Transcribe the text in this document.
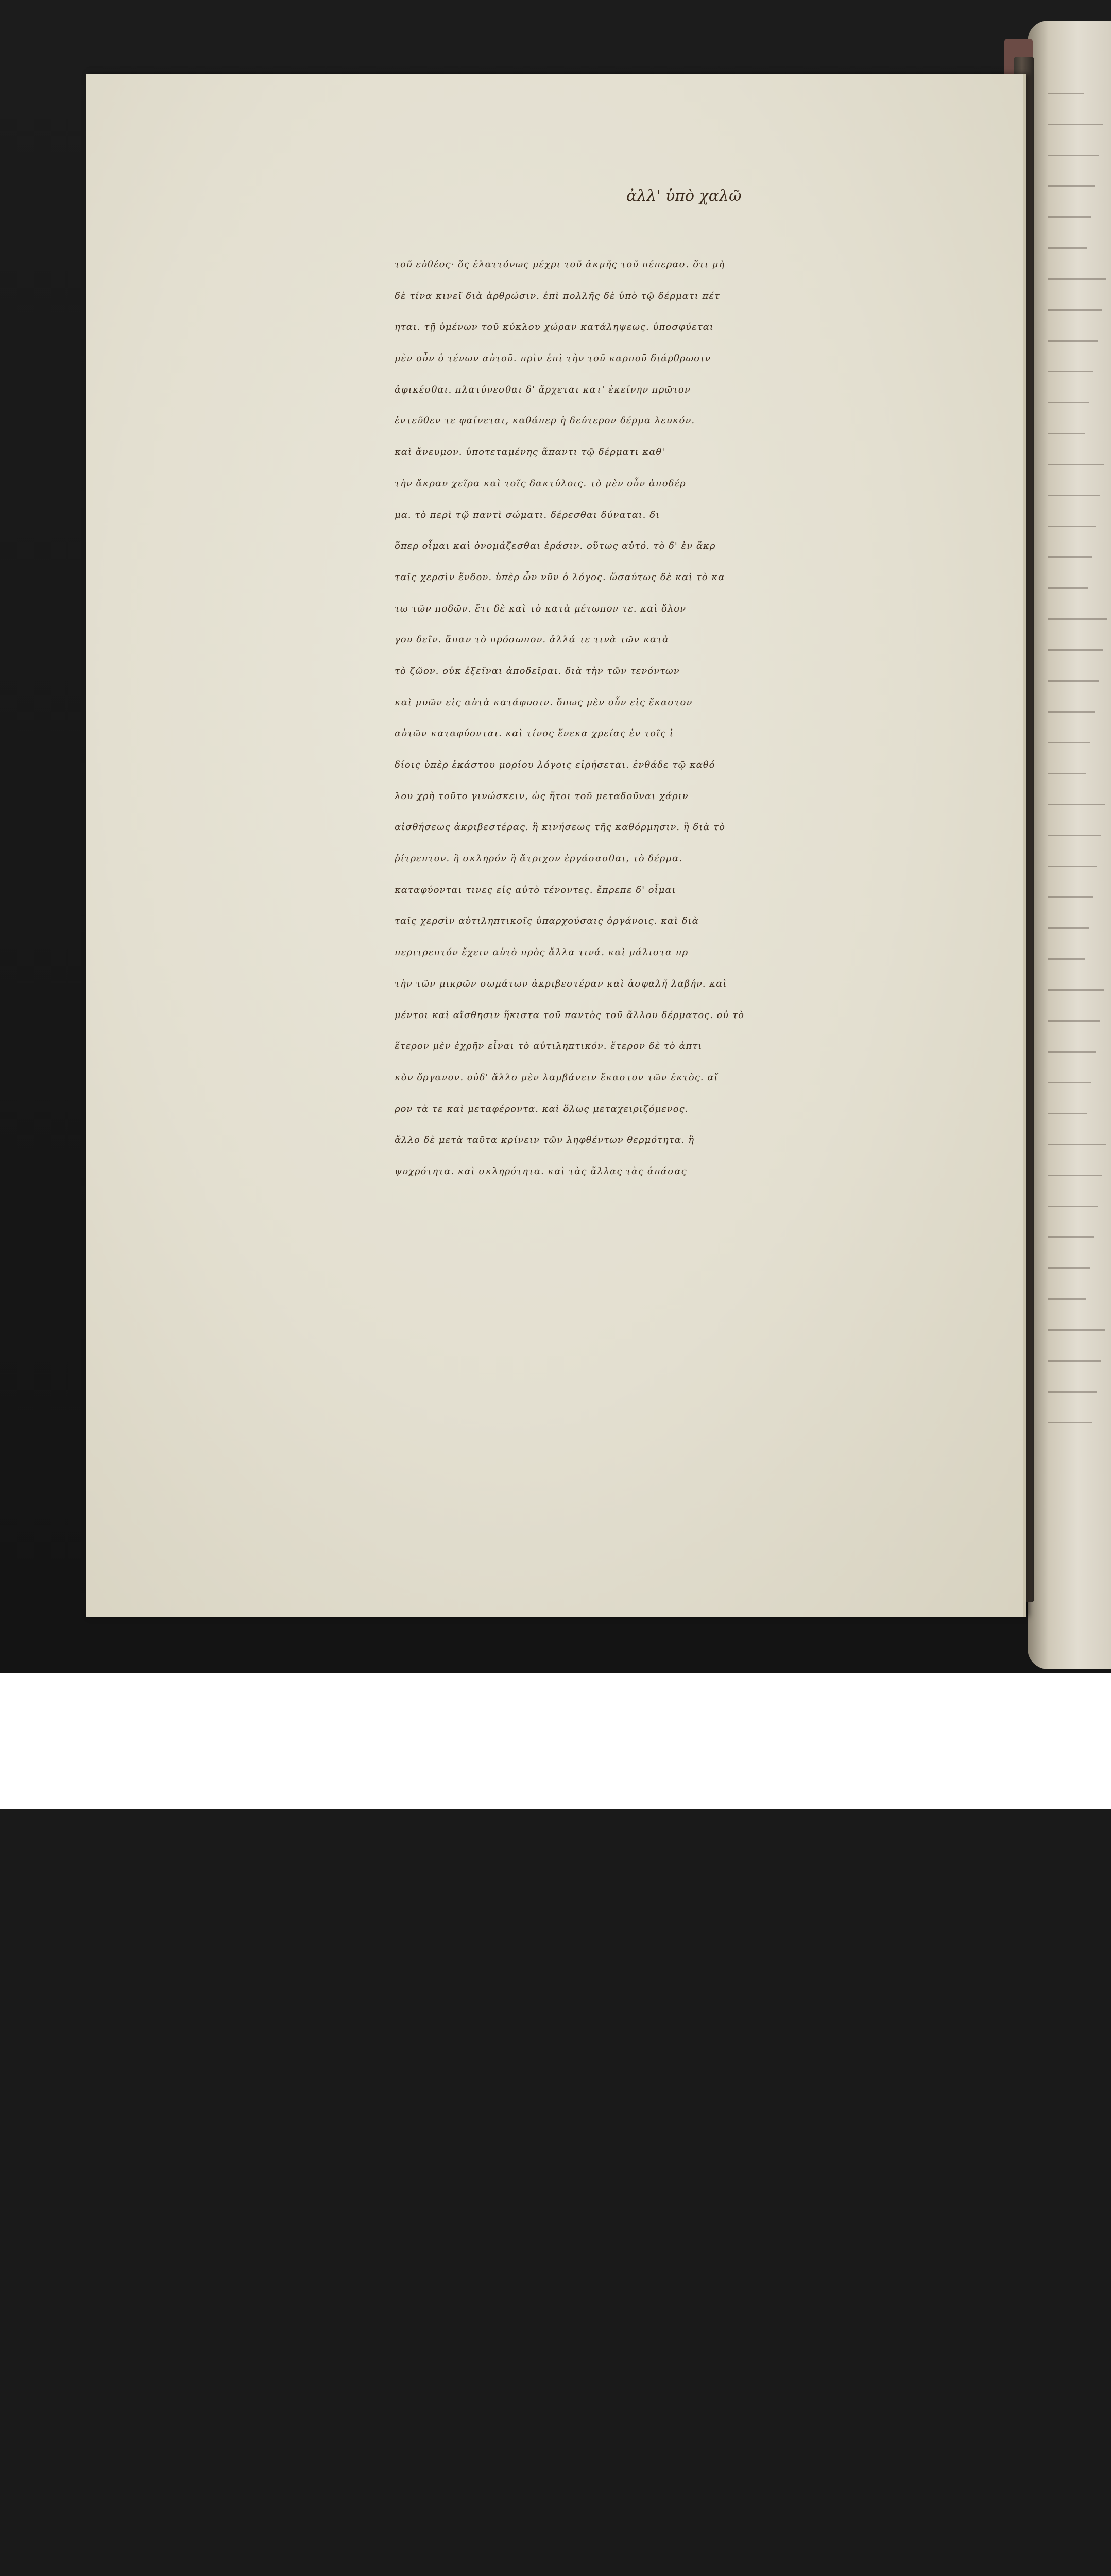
ἀλλ' ὑπὸ χαλῶ
τοῦ εὐθέος· ὅς ἐλαττόνως μέχρι τοῦ ἀκμῆς τοῦ πέπερασ. ὅτι μὴ
δὲ τίνα κινεῖ διὰ ἀρθρώσιν. ἐπὶ πολλῆς δὲ ὑπὸ τῷ δέρματι πέτ
ηται. τῇ ὑμένων τοῦ κύκλου χώραν κατάληψεως. ὑποσφύεται
μὲν οὖν ὁ τένων αὐτοῦ. πρὶν ἐπὶ τὴν τοῦ καρποῦ διάρθρωσιν
ἀφικέσθαι. πλατύνεσθαι δ' ἄρχεται κατ' ἐκείνην πρῶτον
ἐντεῦθεν τε φαίνεται, καθάπερ ἡ δεύτερον δέρμα λευκόν.
καὶ ἄνευμον. ὑποτεταμένης ἅπαντι τῷ δέρματι καθ'
τὴν ἄκραν χεῖρα καὶ τοῖς δακτύλοις. τὸ μὲν οὖν ἀποδέρ
μα. τὸ περὶ τῷ παντὶ σώματι. δέρεσθαι δύναται. δι
ὅπερ οἶμαι καὶ ὀνομάζεσθαι ἐράσιν. οὕτως αὐτό. τὸ δ' ἐν ἄκρ
ταῖς χερσὶν ἔνδον. ὑπὲρ ὧν νῦν ὁ λόγος. ὥσαύτως δὲ καὶ τὸ κα
τω τῶν ποδῶν. ἔτι δὲ καὶ τὸ κατὰ μέτωπον τε. καὶ ὅλον
γου δεῖν. ἅπαν τὸ πρόσωπον. ἀλλά τε τινὰ τῶν κατὰ
τὸ ζῶον. οὐκ ἐξεῖναι ἀποδεῖραι. διὰ τὴν τῶν τενόντων
καὶ μυῶν εἰς αὐτὰ κατάφυσιν. ὅπως μὲν οὖν εἰς ἕκαστον
αὐτῶν καταφύονται. καὶ τίνος ἕνεκα χρείας ἐν τοῖς ἰ
δίοις ὑπὲρ ἑκάστου μορίου λόγοις εἰρήσεται. ἐνθάδε τῷ καθό
λου χρὴ τοῦτο γινώσκειν, ὡς ἤτοι τοῦ μεταδοῦναι χάριν
αἰσθήσεως ἀκριβεστέρας. ἢ κινήσεως τῆς καθόρμησιν. ἢ διὰ τὸ
ῥίτρεπτον. ἢ σκληρόν ἢ ἄτριχον ἐργάσασθαι, τὸ δέρμα.
καταφύονται τινες εἰς αὐτὸ τένοντες. ἔπρεπε δ' οἶμαι
ταῖς χερσὶν αὐτιληπτικοῖς ὑπαρχούσαις ὀργάνοις. καὶ διὰ
περιτρεπτόν ἔχειν αὐτὸ πρὸς ἄλλα τινά. καὶ μάλιστα πρ
τὴν τῶν μικρῶν σωμάτων ἀκριβεστέραν καὶ ἀσφαλῆ λαβήν. καὶ
μέντοι καὶ αἴσθησιν ἥκιστα τοῦ παντὸς τοῦ ἄλλου δέρματος. οὐ τὸ
ἕτερον μὲν ἐχρῆν εἶναι τὸ αὐτιληπτικόν. ἕτερον δὲ τὸ ἁπτι
κὸν ὄργανον. οὐδ' ἄλλο μὲν λαμβάνειν ἕκαστον τῶν ἐκτὸς. αἴ
ρον τὰ τε καὶ μεταφέροντα. καὶ ὅλως μεταχειριζόμενος.
ἄλλο δὲ μετὰ ταῦτα κρίνειν τῶν ληφθέντων θερμότητα. ἢ
ψυχρότητα. καὶ σκληρότητα. καὶ τὰς ἄλλας τὰς ἁπάσας
